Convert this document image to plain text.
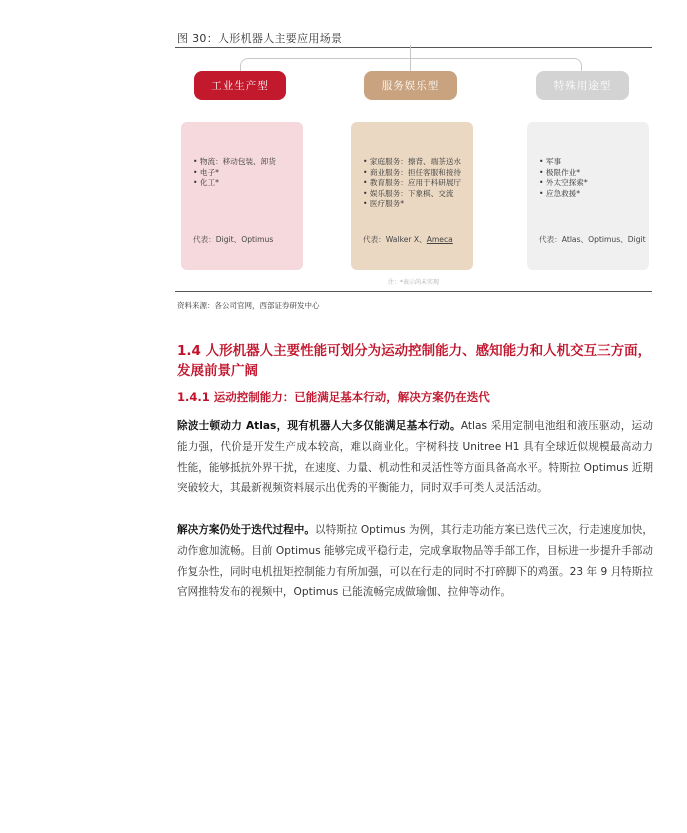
图 30：人形机器人主要应用场景
工业生产型	服务娱乐型	特殊用途型
• 物流：移动包装、卸货
• 电子*
• 化工*
代表：Digit、Optimus
• 家庭服务：擦背、端茶送水
• 商业服务：担任客服和接待
• 教育服务：应用于科研展厅
• 娱乐服务：下象棋、交流
• 医疗服务*
代表：Walker X、Ameca
• 军事
• 极限作业*
• 外太空探索*
• 应急救援*
代表：Atlas、Optimus、Digit
注：*表示尚未实现
资料来源：各公司官网，西部证券研发中心
1.4 人形机器人主要性能可划分为运动控制能力、感知能力和人机交互三方面，发展前景广阔
1.4.1 运动控制能力：已能满足基本行动，解决方案仍在迭代

除波士顿动力 Atlas，现有机器人大多仅能满足基本行动。Atlas 采用定制电池组和液压驱动，运动能力强，代价是开发生产成本较高，难以商业化。宇树科技 Unitree H1 具有全球近似规模最高动力性能，能够抵抗外界干扰，在速度、力量、机动性和灵活性等方面具备高水平。特斯拉 Optimus 近期突破较大，其最新视频资料展示出优秀的平衡能力，同时双手可类人灵活活动。

解决方案仍处于迭代过程中。以特斯拉 Optimus 为例，其行走功能方案已迭代三次，行走速度加快，动作愈加流畅。目前 Optimus 能够完成平稳行走，完成拿取物品等手部工作，目标进一步提升手部动作复杂性，同时电机扭矩控制能力有所加强，可以在行走的同时不打碎脚下的鸡蛋。23 年 9 月特斯拉官网推特发布的视频中，Optimus 已能流畅完成做瑜伽、拉伸等动作。
